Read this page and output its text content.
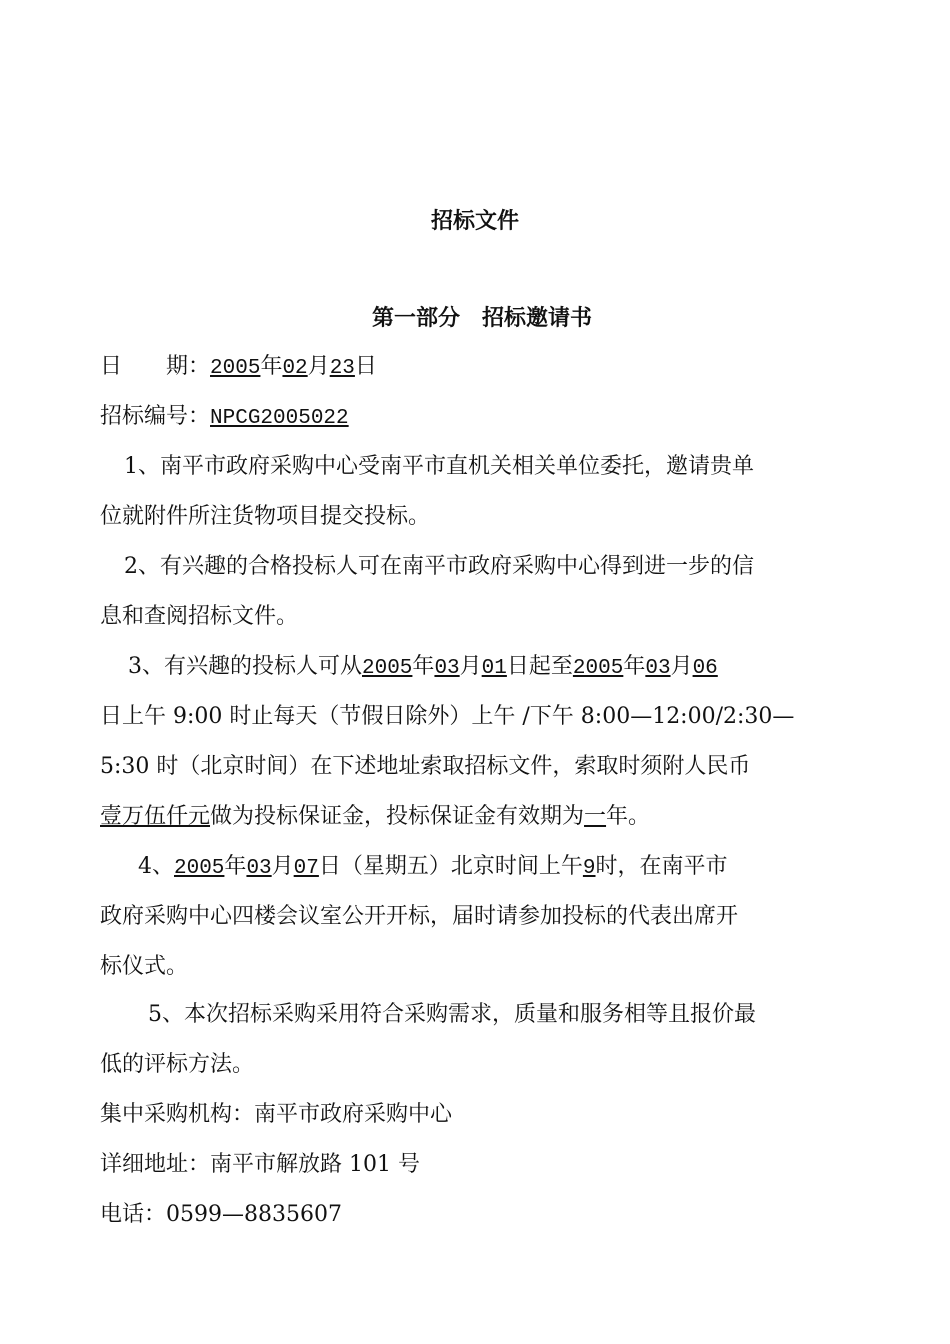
招标文件
第一部分　招标邀请书
日　　期：2005年02月23日
招标编号：NPCG2005022
1、南平市政府采购中心受南平市直机关相关单位委托，邀请贵单
位就附件所注货物项目提交投标。
2、有兴趣的合格投标人可在南平市政府采购中心得到进一步的信
息和查阅招标文件。
3、有兴趣的投标人可从2005年03月01日起至2005年03月06
日上午 9:00 时止每天（节假日除外）上午 /下午 8:00—12:00/2:30—
5:30 时（北京时间）在下述地址索取招标文件，索取时须附人民币
壹万伍仟元做为投标保证金，投标保证金有效期为一年。
4、2005年03月07日（星期五）北京时间上午9时，在南平市
政府采购中心四楼会议室公开开标，届时请参加投标的代表出席开
标仪式。
5、本次招标采购采用符合采购需求，质量和服务相等且报价最
低的评标方法。
集中采购机构：南平市政府采购中心
详细地址：南平市解放路 101 号
电话：0599—8835607
